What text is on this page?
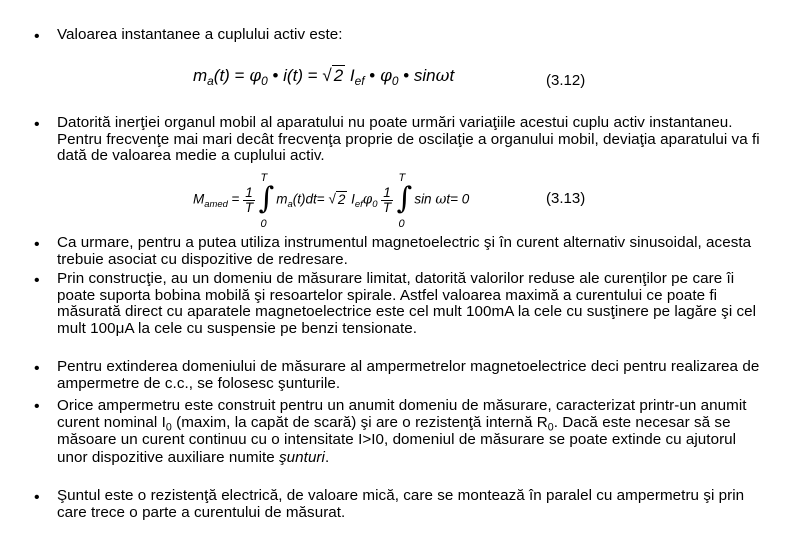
• Valoarea instantanee a cuplului activ este:
$m_a(t) = \varphi_0$ • i(t) = √ 2 $I_{ef}$ • $\varphi_0$ • sinωt	(3.12)
• Datorită inerţiei organul mobil al aparatului nu poate urmări variaţiile acestui cuplu activ instantaneu. Pentru frecvenţe mai mari decât frecvenţa proprie de oscilaţie a organului mobil, deviaţia aparatului va fi dată de valoarea medie a cuplului activ.
$M_{amed} = \frac{1}{T}$

T
∫
0
$m_a(t)dt=$ √ 2 $I_{ef}\varphi_0 \frac{1}{T}$

T
∫
0
sin ωt= 0	(3.13)
• Ca urmare, pentru a putea utiliza instrumentul magnetoelectric şi în curent alternativ sinusoidal, acesta trebuie asociat cu dispozitive de redresare.
• Prin construcţie, au un domeniu de măsurare limitat, datorită valorilor reduse ale curenţilor pe care îi poate suporta bobina mobilă şi resoartelor spirale. Astfel valoarea maximă a curentului ce poate fi măsurată direct cu aparatele magnetoelectrice este cel mult 100mA la cele cu susţinere pe lagăre şi cel mult 100μA la cele cu suspensie pe benzi tensionate.
• Pentru extinderea domeniului de măsurare al ampermetrelor magnetoelectrice deci pentru realizarea de ampermetre de c.c., se folosesc şunturile.
• Orice ampermetru este construit pentru un anumit domeniu de măsurare, caracterizat printr-un anumit curent nominal $I_0$ (maxim, la capăt de scară) şi are o rezistenţă internă $R_0$. Dacă este necesar să se măsoare un curent continuu cu o intensitate I>I0, domeniul de măsurare se poate extinde cu ajutorul unor dispozitive auxiliare numite şunturi.
• Şuntul este o rezistenţă electrică, de valoare mică, care se montează în paralel cu ampermetru şi prin care trece o parte a curentului de măsurat.
